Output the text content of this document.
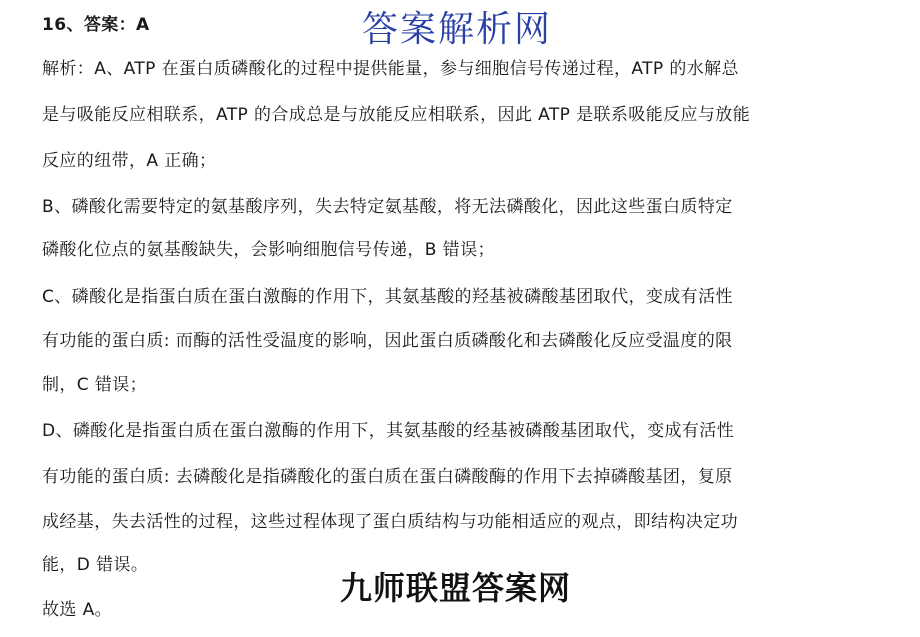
16、答案：A	答案解析网
解析：A、ATP 在蛋白质磷酸化的过程中提供能量，参与细胞信号传递过程，ATP 的水解总
是与吸能反应相联系，ATP 的合成总是与放能反应相联系，因此 ATP 是联系吸能反应与放能
反应的纽带，A 正确；
B、磷酸化需要特定的氨基酸序列，失去特定氨基酸，将无法磷酸化，因此这些蛋白质特定
磷酸化位点的氨基酸缺失，会影响细胞信号传递，B 错误；
C、磷酸化是指蛋白质在蛋白激酶的作用下，其氨基酸的羟基被磷酸基团取代，变成有活性
有功能的蛋白质: 而酶的活性受温度的影响，因此蛋白质磷酸化和去磷酸化反应受温度的限
制，C 错误；
D、磷酸化是指蛋白质在蛋白激酶的作用下，其氨基酸的经基被磷酸基团取代，变成有活性
有功能的蛋白质: 去磷酸化是指磷酸化的蛋白质在蛋白磷酸酶的作用下去掉磷酸基团，复原
成经基，失去活性的过程，这些过程体现了蛋白质结构与功能相适应的观点，即结构决定功
能，D 错误。
故选 A。
九师联盟答案网
